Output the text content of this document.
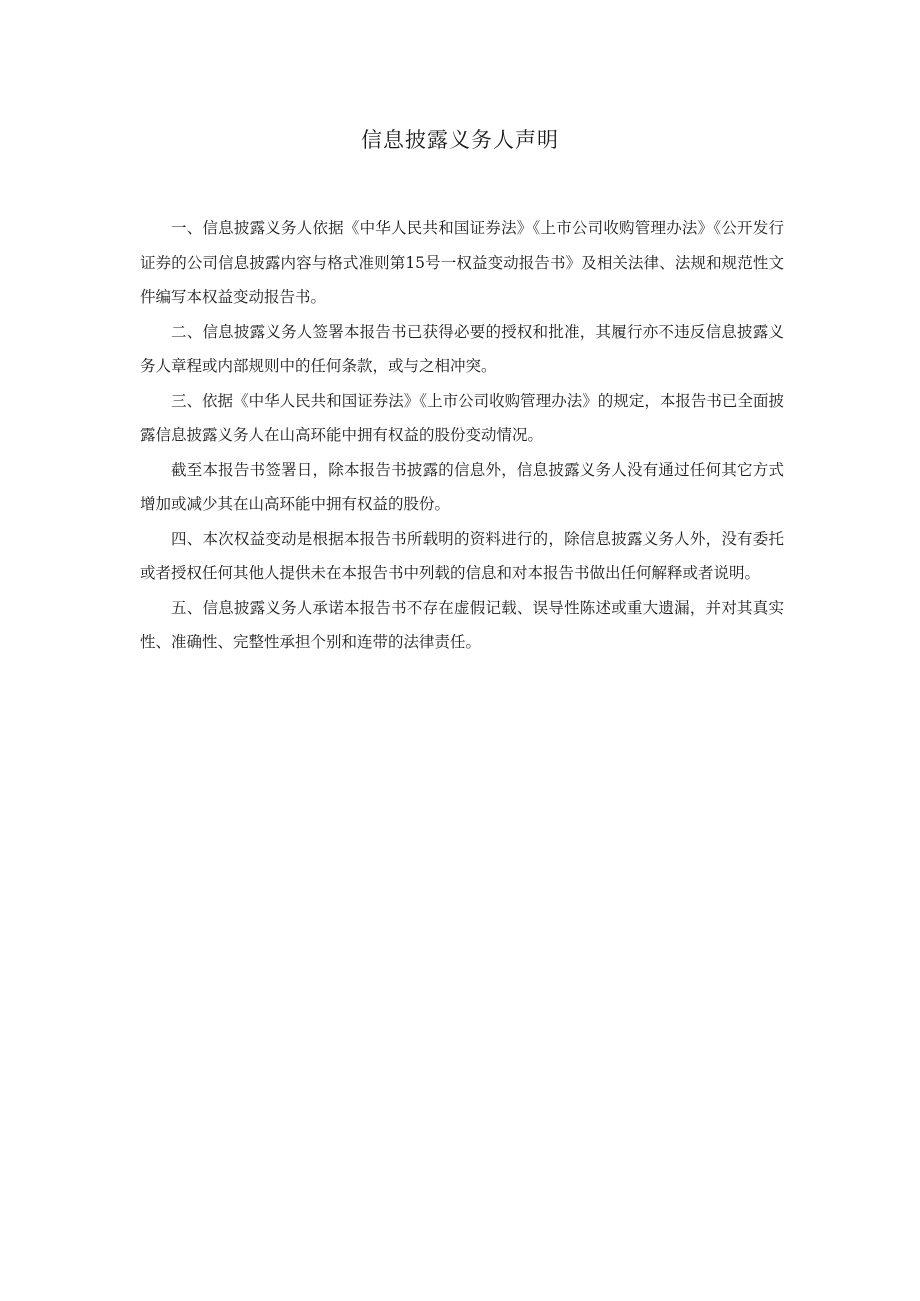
信息披露义务人声明

一、信息披露义务人依据《中华人民共和国证券法》《上市公司收购管理办法》《公开发行证券的公司信息披露内容与格式准则第15号一权益变动报告书》及相关法律、法规和规范性文件编写本权益变动报告书。

二、信息披露义务人签署本报告书已获得必要的授权和批准，其履行亦不违反信息披露义务人章程或内部规则中的任何条款，或与之相冲突。

三、依据《中华人民共和国证券法》《上市公司收购管理办法》的规定，本报告书已全面披露信息披露义务人在山高环能中拥有权益的股份变动情况。

截至本报告书签署日，除本报告书披露的信息外，信息披露义务人没有通过任何其它方式增加或减少其在山高环能中拥有权益的股份。

四、本次权益变动是根据本报告书所载明的资料进行的，除信息披露义务人外，没有委托或者授权任何其他人提供未在本报告书中列载的信息和对本报告书做出任何解释或者说明。

五、信息披露义务人承诺本报告书不存在虚假记载、误导性陈述或重大遗漏，并对其真实性、准确性、完整性承担个别和连带的法律责任。
